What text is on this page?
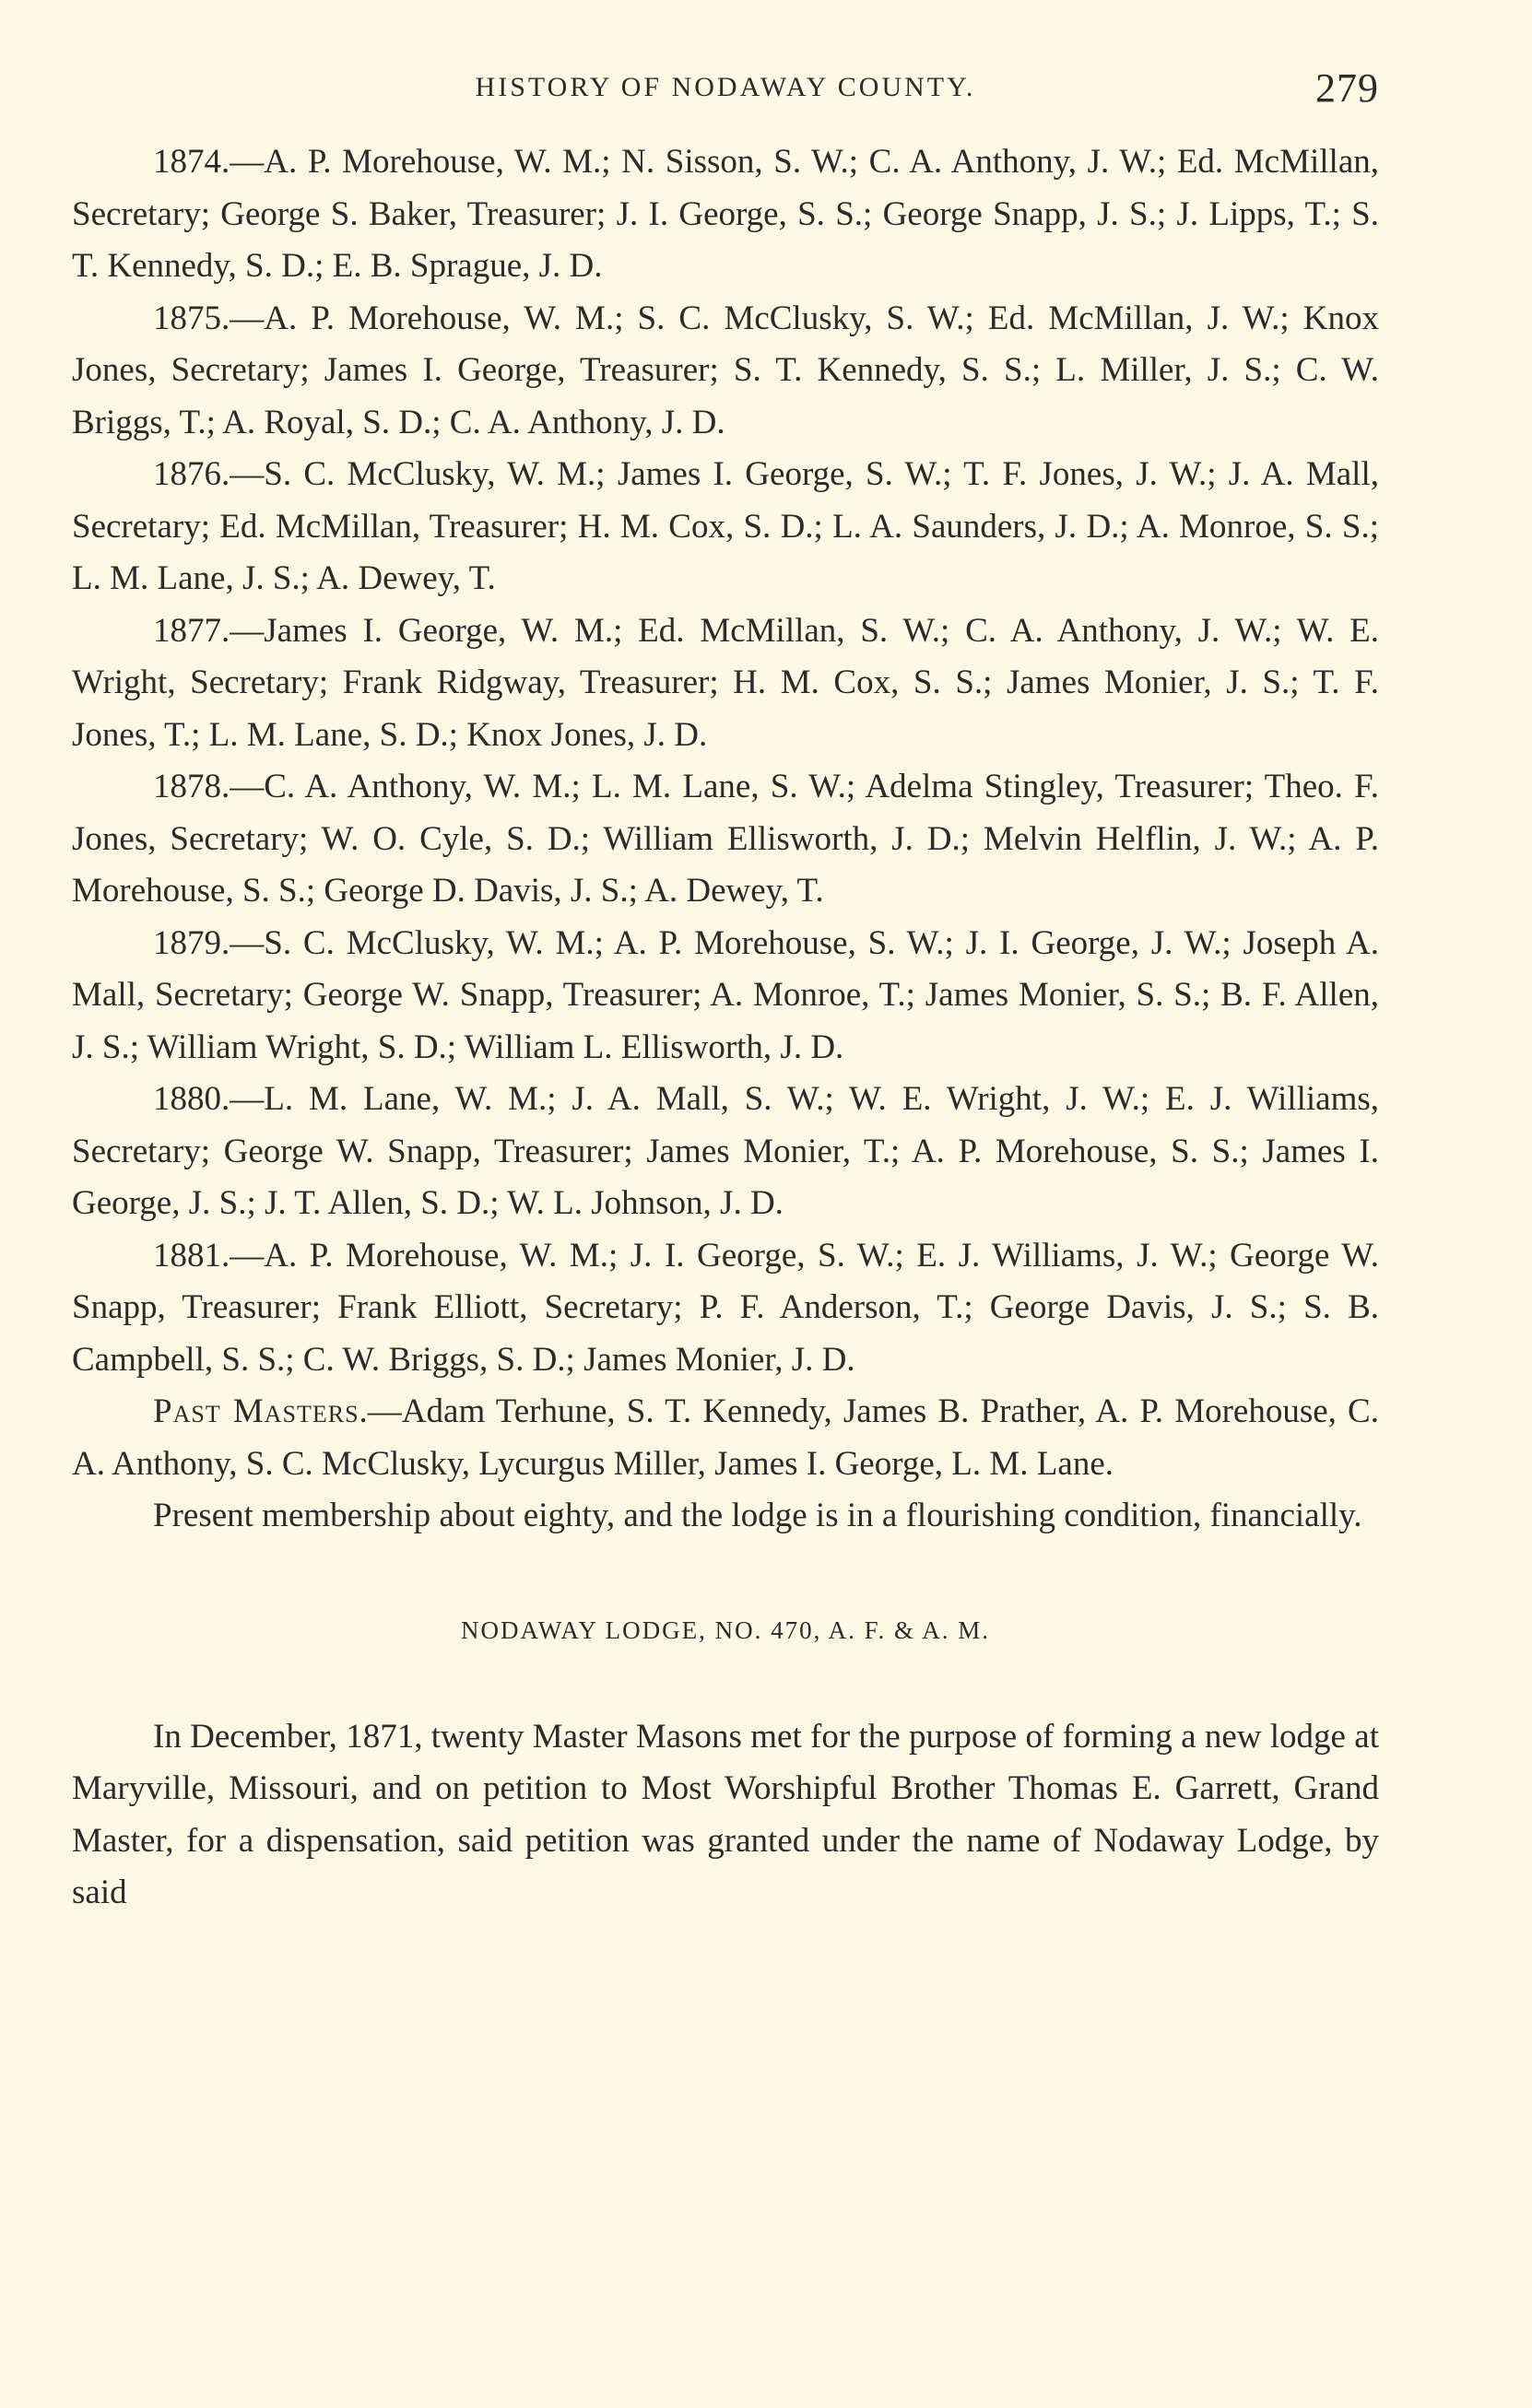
HISTORY OF NODAWAY COUNTY.	279

1874.—A. P. Morehouse, W. M.; N. Sisson, S. W.; C. A. Anthony, J. W.; Ed. McMillan, Secretary; George S. Baker, Treasurer; J. I. George, S. S.; George Snapp, J. S.; J. Lipps, T.; S. T. Kennedy, S. D.; E. B. Sprague, J. D.

1875.—A. P. Morehouse, W. M.; S. C. McClusky, S. W.; Ed. McMillan, J. W.; Knox Jones, Secretary; James I. George, Treasurer; S. T. Kennedy, S. S.; L. Miller, J. S.; C. W. Briggs, T.; A. Royal, S. D.; C. A. Anthony, J. D.

1876.—S. C. McClusky, W. M.; James I. George, S. W.; T. F. Jones, J. W.; J. A. Mall, Secretary; Ed. McMillan, Treasurer; H. M. Cox, S. D.; L. A. Saunders, J. D.; A. Monroe, S. S.; L. M. Lane, J. S.; A. Dewey, T.

1877.—James I. George, W. M.; Ed. McMillan, S. W.; C. A. Anthony, J. W.; W. E. Wright, Secretary; Frank Ridgway, Treasurer; H. M. Cox, S. S.; James Monier, J. S.; T. F. Jones, T.; L. M. Lane, S. D.; Knox Jones, J. D.

1878.—C. A. Anthony, W. M.; L. M. Lane, S. W.; Adelma Stingley, Treasurer; Theo. F. Jones, Secretary; W. O. Cyle, S. D.; William Ellisworth, J. D.; Melvin Helflin, J. W.; A. P. Morehouse, S. S.; George D. Davis, J. S.; A. Dewey, T.

1879.—S. C. McClusky, W. M.; A. P. Morehouse, S. W.; J. I. George, J. W.; Joseph A. Mall, Secretary; George W. Snapp, Treasurer; A. Monroe, T.; James Monier, S. S.; B. F. Allen, J. S.; William Wright, S. D.; William L. Ellisworth, J. D.

1880.—L. M. Lane, W. M.; J. A. Mall, S. W.; W. E. Wright, J. W.; E. J. Williams, Secretary; George W. Snapp, Treasurer; James Monier, T.; A. P. Morehouse, S. S.; James I. George, J. S.; J. T. Allen, S. D.; W. L. Johnson, J. D.

1881.—A. P. Morehouse, W. M.; J. I. George, S. W.; E. J. Williams, J. W.; George W. Snapp, Treasurer; Frank Elliott, Secretary; P. F. Anderson, T.; George Davis, J. S.; S. B. Campbell, S. S.; C. W. Briggs, S. D.; James Monier, J. D.

Past Masters.—Adam Terhune, S. T. Kennedy, James B. Prather, A. P. Morehouse, C. A. Anthony, S. C. McClusky, Lycurgus Miller, James I. George, L. M. Lane.

Present membership about eighty, and the lodge is in a flourishing condition, financially.

NODAWAY LODGE, NO. 470, A. F. & A. M.

In December, 1871, twenty Master Masons met for the purpose of forming a new lodge at Maryville, Missouri, and on petition to Most Worshipful Brother Thomas E. Garrett, Grand Master, for a dispensation, said petition was granted under the name of Nodaway Lodge, by said
